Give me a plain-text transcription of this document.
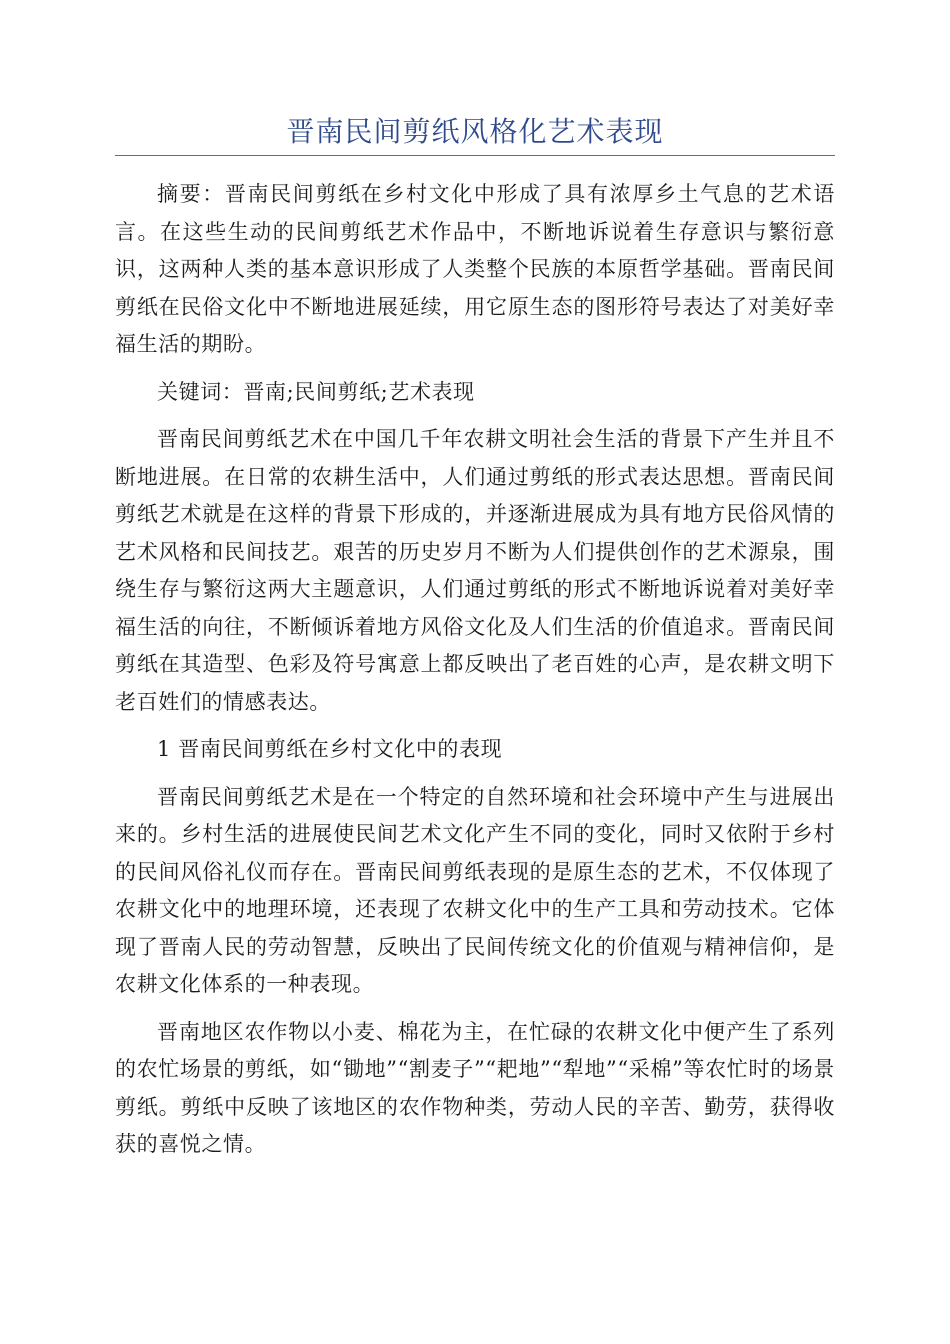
晋南民间剪纸风格化艺术表现

摘要：晋南民间剪纸在乡村文化中形成了具有浓厚乡土气息的艺术语言。在这些生动的民间剪纸艺术作品中，不断地诉说着生存意识与繁衍意识，这两种人类的基本意识形成了人类整个民族的本原哲学基础。晋南民间剪纸在民俗文化中不断地进展延续，用它原生态的图形符号表达了对美好幸福生活的期盼。

关键词：晋南;民间剪纸;艺术表现

晋南民间剪纸艺术在中国几千年农耕文明社会生活的背景下产生并且不断地进展。在日常的农耕生活中，人们通过剪纸的形式表达思想。晋南民间剪纸艺术就是在这样的背景下形成的，并逐渐进展成为具有地方民俗风情的艺术风格和民间技艺。艰苦的历史岁月不断为人们提供创作的艺术源泉，围绕生存与繁衍这两大主题意识，人们通过剪纸的形式不断地诉说着对美好幸福生活的向往，不断倾诉着地方风俗文化及人们生活的价值追求。晋南民间剪纸在其造型、色彩及符号寓意上都反映出了老百姓的心声，是农耕文明下老百姓们的情感表达。

1 晋南民间剪纸在乡村文化中的表现

晋南民间剪纸艺术是在一个特定的自然环境和社会环境中产生与进展出来的。乡村生活的进展使民间艺术文化产生不同的变化，同时又依附于乡村的民间风俗礼仪而存在。晋南民间剪纸表现的是原生态的艺术，不仅体现了农耕文化中的地理环境，还表现了农耕文化中的生产工具和劳动技术。它体现了晋南人民的劳动智慧，反映出了民间传统文化的价值观与精神信仰，是农耕文化体系的一种表现。

晋南地区农作物以小麦、棉花为主，在忙碌的农耕文化中便产生了系列的农忙场景的剪纸，如“锄地”“割麦子”“耙地”“犁地”“采棉”等农忙时的场景剪纸。剪纸中反映了该地区的农作物种类，劳动人民的辛苦、勤劳，获得收获的喜悦之情。
